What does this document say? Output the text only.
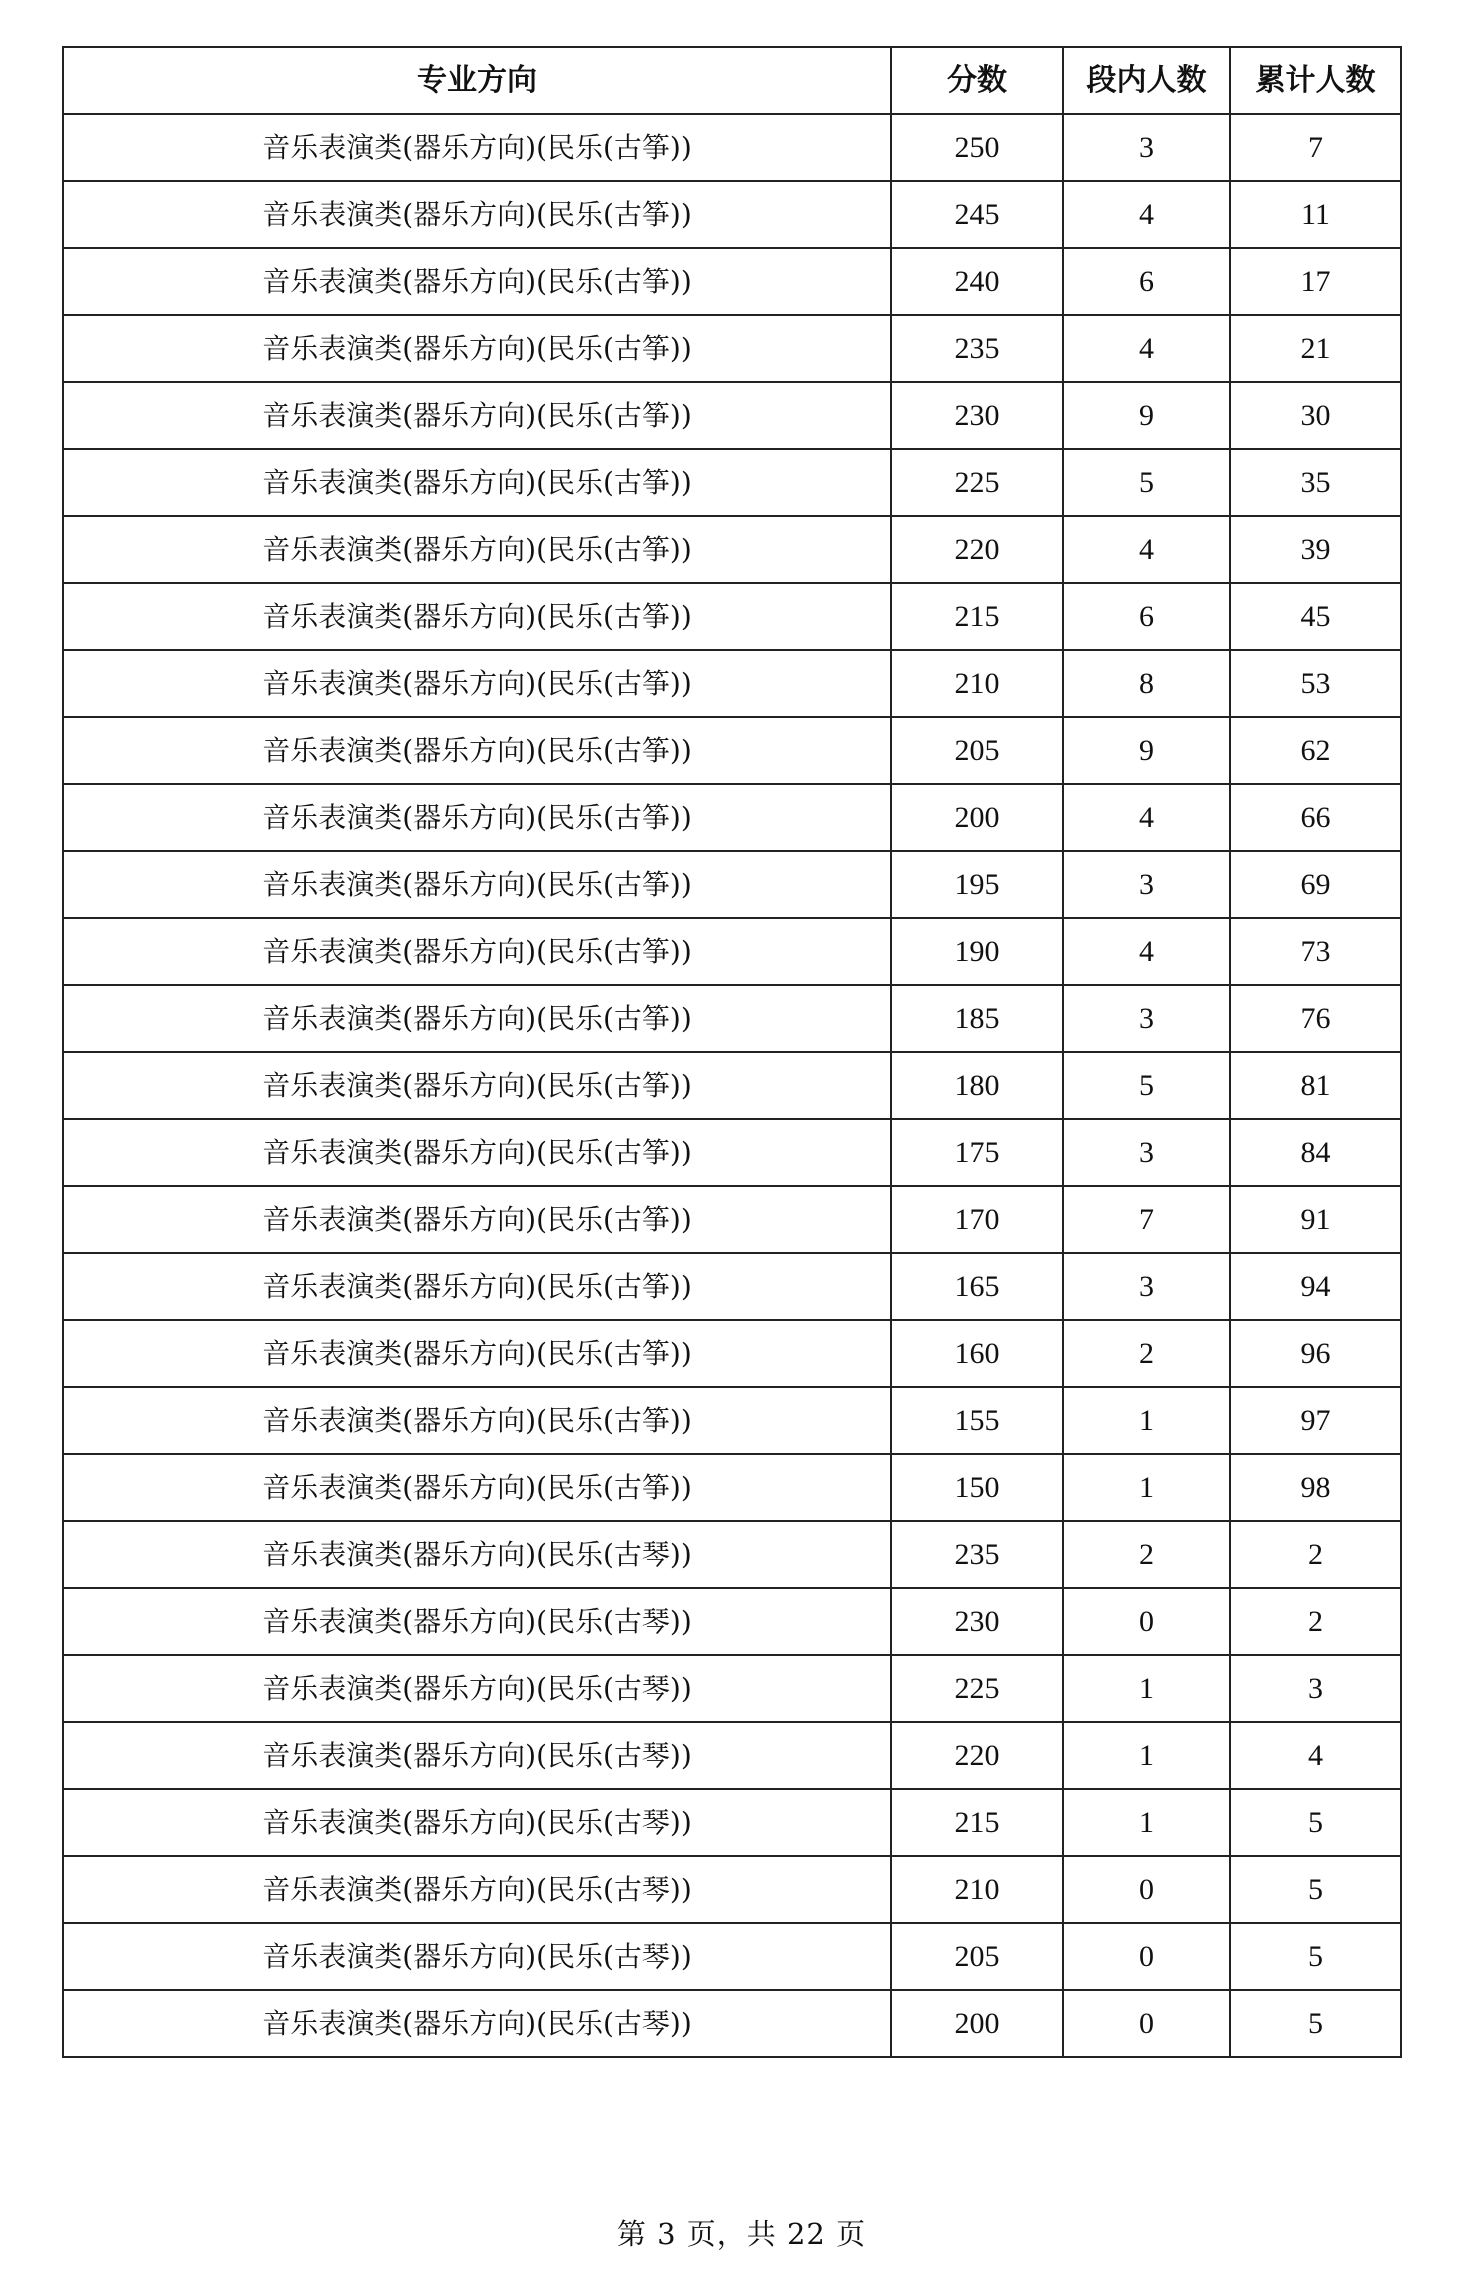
专业方向	分数	段内人数	累计人数
音乐表演类(器乐方向)(民乐(古筝))	250	3	7
音乐表演类(器乐方向)(民乐(古筝))	245	4	11
音乐表演类(器乐方向)(民乐(古筝))	240	6	17
音乐表演类(器乐方向)(民乐(古筝))	235	4	21
音乐表演类(器乐方向)(民乐(古筝))	230	9	30
音乐表演类(器乐方向)(民乐(古筝))	225	5	35
音乐表演类(器乐方向)(民乐(古筝))	220	4	39
音乐表演类(器乐方向)(民乐(古筝))	215	6	45
音乐表演类(器乐方向)(民乐(古筝))	210	8	53
音乐表演类(器乐方向)(民乐(古筝))	205	9	62
音乐表演类(器乐方向)(民乐(古筝))	200	4	66
音乐表演类(器乐方向)(民乐(古筝))	195	3	69
音乐表演类(器乐方向)(民乐(古筝))	190	4	73
音乐表演类(器乐方向)(民乐(古筝))	185	3	76
音乐表演类(器乐方向)(民乐(古筝))	180	5	81
音乐表演类(器乐方向)(民乐(古筝))	175	3	84
音乐表演类(器乐方向)(民乐(古筝))	170	7	91
音乐表演类(器乐方向)(民乐(古筝))	165	3	94
音乐表演类(器乐方向)(民乐(古筝))	160	2	96
音乐表演类(器乐方向)(民乐(古筝))	155	1	97
音乐表演类(器乐方向)(民乐(古筝))	150	1	98
音乐表演类(器乐方向)(民乐(古琴))	235	2	2
音乐表演类(器乐方向)(民乐(古琴))	230	0	2
音乐表演类(器乐方向)(民乐(古琴))	225	1	3
音乐表演类(器乐方向)(民乐(古琴))	220	1	4
音乐表演类(器乐方向)(民乐(古琴))	215	1	5
音乐表演类(器乐方向)(民乐(古琴))	210	0	5
音乐表演类(器乐方向)(民乐(古琴))	205	0	5
音乐表演类(器乐方向)(民乐(古琴))	200	0	5
第 3 页，共 22 页
